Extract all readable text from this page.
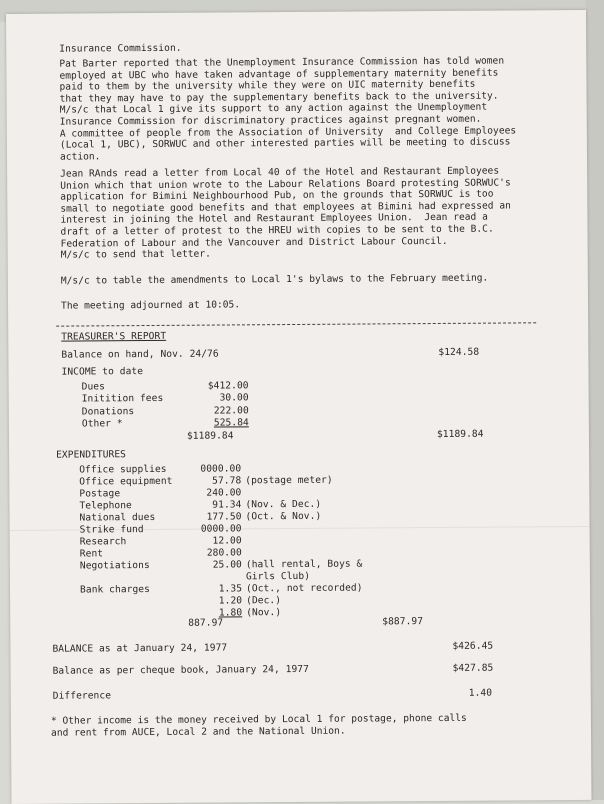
Insurance Commission.
Pat Barter reported that the Unemployment Insurance Commission has told women
employed at UBC who have taken advantage of supplementary maternity benefits
paid to them by the university while they were on UIC maternity benefits
that they may have to pay the supplementary benefits back to the university.
M/s/c that Local 1 give its support to any action against the Unemployment
Insurance Commission for discriminatory practices against pregnant women.
A committee of people from the Association of University  and College Employees
(Local 1, UBC), SORWUC and other interested parties will be meeting to discuss
action.
Jean RAnds read a letter from Local 40 of the Hotel and Restaurant Employees
Union which that union wrote to the Labour Relations Board protesting SORWUC's
application for Bimini Neighbourhood Pub, on the grounds that SORWUC is too
small to negotiate good benefits and that employees at Bimini had expressed an
interest in joining the Hotel and Restaurant Employees Union.  Jean read a
draft of a letter of protest to the HREU with copies to be sent to the B.C.
Federation of Labour and the Vancouver and District Labour Council.
M/s/c to send that letter.
M/s/c to table the amendments to Local 1's bylaws to the February meeting.
The meeting adjourned at 10:05.
TREASURER'S REPORT
Balance on hand, Nov. 24/76	$124.58
INCOME to date
Dues	$412.00
Initition fees	30.00
Donations	222.00
Other *	525.84
$1189.84	$1189.84
EXPENDITURES
Office supplies	0000.00
Office equipment	57.78 (postage meter)
Postage	240.00
Telephone	91.34 (Nov. & Dec.)
National dues	177.50 (Oct. & Nov.)
Strike fund	0000.00
Research	12.00
Rent	280.00
Negotiations	25.00 (hall rental, Boys &
Girls Club)
Bank charges	1.35 (Oct., not recorded)
1.20 (Dec.)
1.80 (Nov.)
887.97	$887.97
BALANCE as at January 24, 1977	$426.45
Balance as per cheque book, January 24, 1977	$427.85
Difference	1.40
* Other income is the money received by Local 1 for postage, phone calls
and rent from AUCE, Local 2 and the National Union.
